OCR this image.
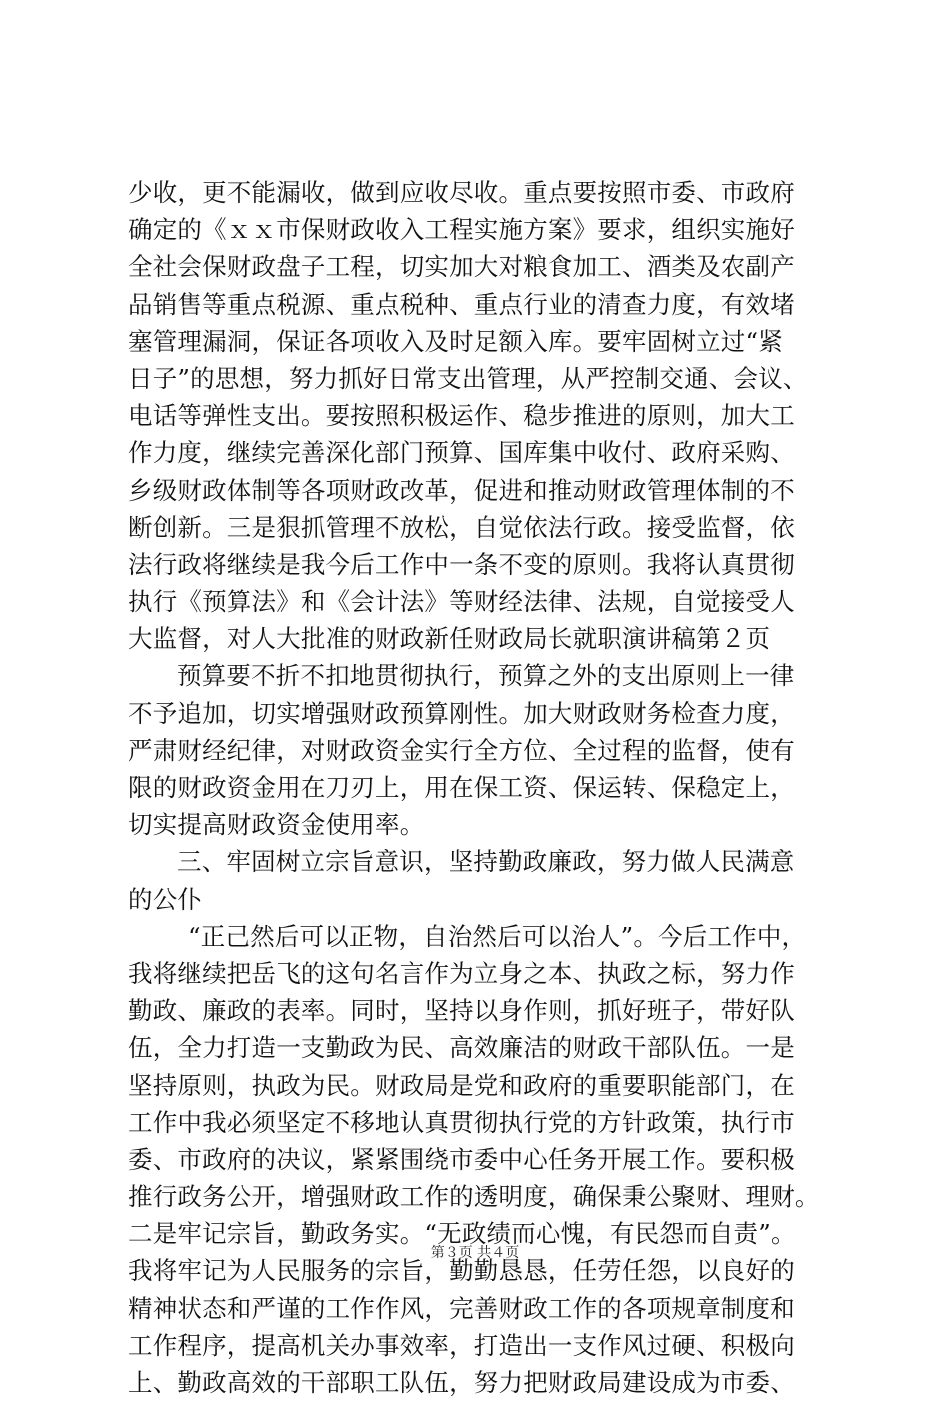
少收，更不能漏收，做到应收尽收。重点要按照市委、市政府
确定的《ｘｘ市保财政收入工程实施方案》要求，组织实施好
全社会保财政盘子工程，切实加大对粮食加工、酒类及农副产
品销售等重点税源、重点税种、重点行业的清查力度，有效堵
塞管理漏洞，保证各项收入及时足额入库。要牢固树立过“紧
日子”的思想，努力抓好日常支出管理，从严控制交通、会议、
电话等弹性支出。要按照积极运作、稳步推进的原则，加大工
作力度，继续完善深化部门预算、国库集中收付、政府采购、
乡级财政体制等各项财政改革，促进和推动财政管理体制的不
断创新。三是狠抓管理不放松，自觉依法行政。接受监督，依
法行政将继续是我今后工作中一条不变的原则。我将认真贯彻
执行《预算法》和《会计法》等财经法律、法规，自觉接受人
大监督，对人大批准的财政新任财政局长就职演讲稿第２页
预算要不折不扣地贯彻执行，预算之外的支出原则上一律
不予追加，切实增强财政预算刚性。加大财政财务检查力度，
严肃财经纪律，对财政资金实行全方位、全过程的监督，使有
限的财政资金用在刀刃上，用在保工资、保运转、保稳定上，
切实提高财政资金使用率。
三、牢固树立宗旨意识，坚持勤政廉政，努力做人民满意
的公仆
“正己然后可以正物，自治然后可以治人”。今后工作中，
我将继续把岳飞的这句名言作为立身之本、执政之标，努力作
勤政、廉政的表率。同时，坚持以身作则，抓好班子，带好队
伍，全力打造一支勤政为民、高效廉洁的财政干部队伍。一是
坚持原则，执政为民。财政局是党和政府的重要职能部门，在
工作中我必须坚定不移地认真贯彻执行党的方针政策，执行市
委、市政府的决议，紧紧围绕市委中心任务开展工作。要积极
推行政务公开，增强财政工作的透明度，确保秉公聚财、理财。
二是牢记宗旨，勤政务实。“无政绩而心愧，有民怨而自责”。
我将牢记为人民服务的宗旨，勤勤恳恳，任劳任怨，以良好的
精神状态和严谨的工作作风，完善财政工作的各项规章制度和
工作程序，提高机关办事效率，打造出一支作风过硬、积极向
上、勤政高效的干部职工队伍，努力把财政局建设成为市委、
第３页 共４页
